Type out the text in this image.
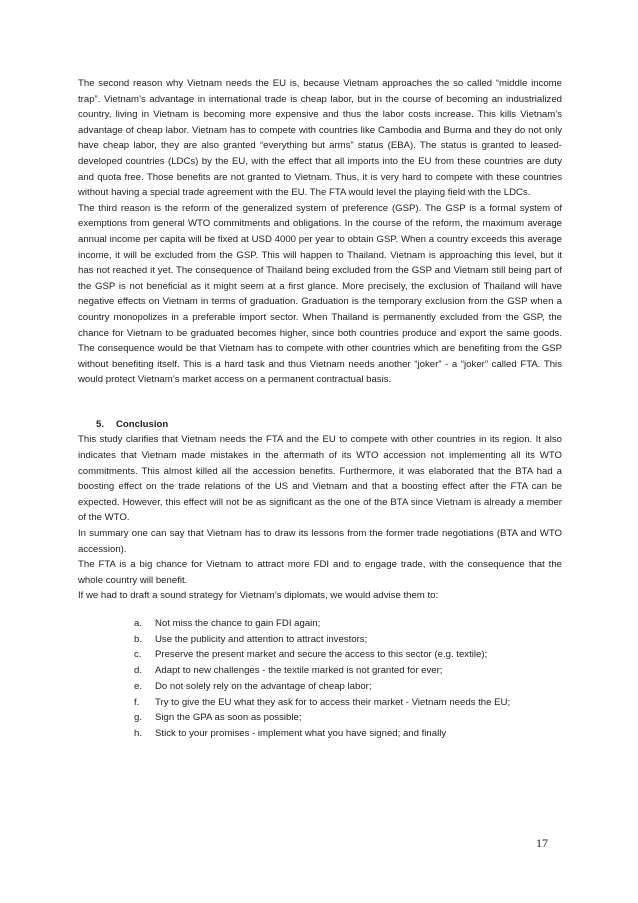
The second reason why Vietnam needs the EU is, because Vietnam approaches the so called “middle income trap”. Vietnam’s advantage in international trade is cheap labor, but in the course of becoming an industrialized country, living in Vietnam is becoming more expensive and thus the labor costs increase. This kills Vietnam’s advantage of cheap labor. Vietnam has to compete with countries like Cambodia and Burma and they do not only have cheap labor, they are also granted “everything but arms” status (EBA). The status is granted to leased-developed countries (LDCs) by the EU, with the effect that all imports into the EU from these countries are duty and quota free. Those benefits are not granted to Vietnam. Thus, it is very hard to compete with these countries without having a special trade agreement with the EU. The FTA would level the playing field with the LDCs.

The third reason is the reform of the generalized system of preference (GSP). The GSP is a formal system of exemptions from general WTO commitments and obligations. In the course of the reform, the maximum average annual income per capita will be fixed at USD 4000 per year to obtain GSP. When a country exceeds this average income, it will be excluded from the GSP. This will happen to Thailand. Vietnam is approaching this level, but it has not reached it yet. The consequence of Thailand being excluded from the GSP and Vietnam still being part of the GSP is not beneficial as it might seem at a first glance. More precisely, the exclusion of Thailand will have negative effects on Vietnam in terms of graduation. Graduation is the temporary exclusion from the GSP when a country monopolizes in a preferable import sector. When Thailand is permanently excluded from the GSP, the chance for Vietnam to be graduated becomes higher, since both countries produce and export the same goods. The consequence would be that Vietnam has to compete with other countries which are benefiting from the GSP without benefiting itself. This is a hard task and thus Vietnam needs another “joker” - a “joker” called FTA. This would protect Vietnam’s market access on a permanent contractual basis.

5. Conclusion

This study clarifies that Vietnam needs the FTA and the EU to compete with other countries in its region. It also indicates that Vietnam made mistakes in the aftermath of its WTO accession not implementing all its WTO commitments. This almost killed all the accession benefits. Furthermore, it was elaborated that the BTA had a boosting effect on the trade relations of the US and Vietnam and that a boosting effect after the FTA can be expected. However, this effect will not be as significant as the one of the BTA since Vietnam is already a member of the WTO.

In summary one can say that Vietnam has to draw its lessons from the former trade negotiations (BTA and WTO accession).

The FTA is a big chance for Vietnam to attract more FDI and to engage trade, with the consequence that the whole country will benefit.

If we had to draft a sound strategy for Vietnam’s diplomats, we would advise them to:

a.	Not miss the chance to gain FDI again;
b.	Use the publicity and attention to attract investors;
c.	Preserve the present market and secure the access to this sector (e.g. textile);
d.	Adapt to new challenges - the textile marked is not granted for ever;
e.	Do not solely rely on the advantage of cheap labor;
f.	Try to give the EU what they ask for to access their market - Vietnam needs the EU;
g.	Sign the GPA as soon as possible;
h.	Stick to your promises - implement what you have signed; and finally
17
